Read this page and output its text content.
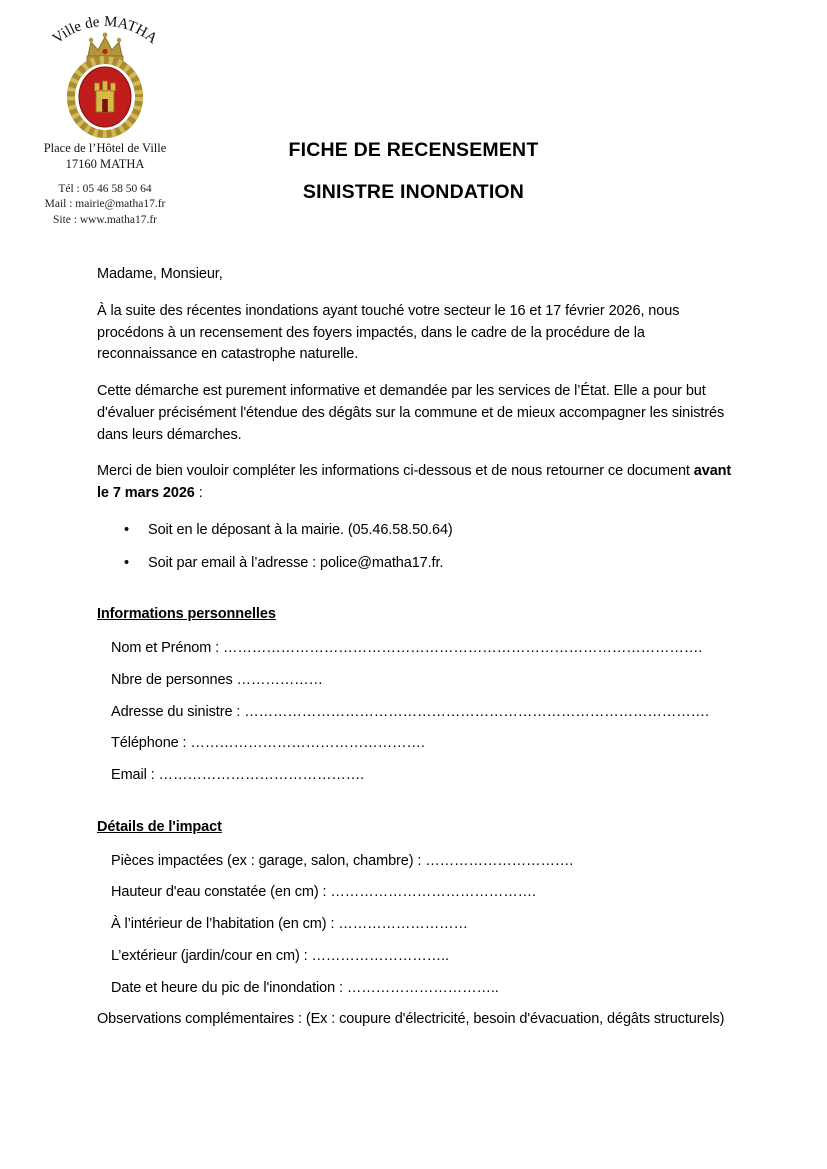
Ville de MATHA
Place de l’Hôtel de Ville
17160 MATHA
Tél : 05 46 58 50 64
Mail : mairie@matha17.fr
Site : www.matha17.fr
FICHE DE RECENSEMENT
SINISTRE INONDATION

Madame, Monsieur,

À la suite des récentes inondations ayant touché votre secteur le 16 et 17 février 2026, nous procédons à un recensement des foyers impactés, dans le cadre de la procédure de la reconnaissance en catastrophe naturelle.

Cette démarche est purement informative et demandée par les services de l’État. Elle a pour but d'évaluer précisément l'étendue des dégâts sur la commune et de mieux accompagner les sinistrés dans leurs démarches.

Merci de bien vouloir compléter les informations ci-dessous et de nous retourner ce document avant le 7 mars 2026 :

• Soit en le déposant à la mairie. (05.46.58.50.64)
• Soit par email à l’adresse : police@matha17.fr.
Informations personnelles
Nom et Prénom : ……………………………………………………………………………………….
Nbre de personnes ………………
Adresse du sinistre : …………………………………………………………………………………….
Téléphone : ………………………………………….
Email : …………………………………….
Détails de l'impact
Pièces impactées (ex : garage, salon, chambre) : ………………………….
Hauteur d'eau constatée (en cm) : …………………………………….
À l’intérieur de l’habitation (en cm) : ………………………
L’extérieur (jardin/cour en cm) : ………………………..
Date et heure du pic de l'inondation : …………………………..

Observations complémentaires : (Ex : coupure d'électricité, besoin d'évacuation, dégâts structurels)
